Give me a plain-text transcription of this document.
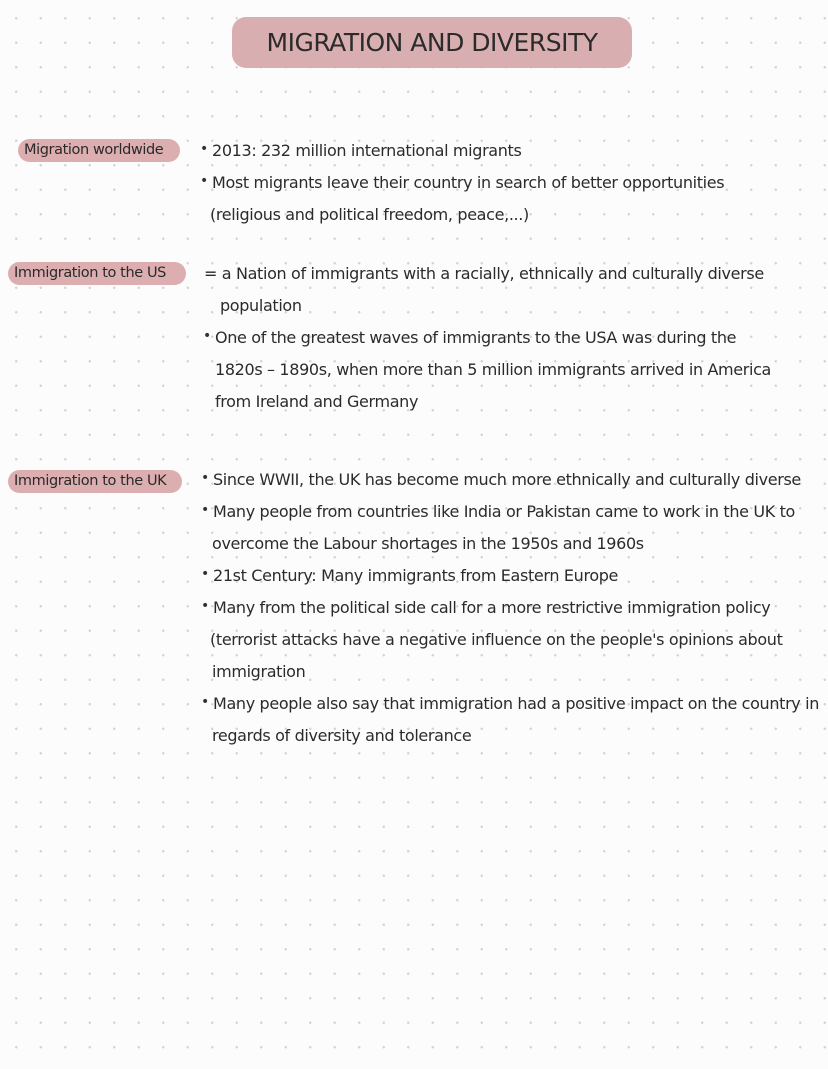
MIGRATION AND DIVERSITY
Migration worldwide	• 2013: 232 million international migrants
• Most migrants leave their country in search of better opportunities
(religious and political freedom, peace,...)
Immigration to the US	= a Nation of immigrants with a racially, ethnically and culturally diverse
population
• One of the greatest waves of immigrants to the USA was during the
1820s – 1890s, when more than 5 million immigrants arrived in America
from Ireland and Germany
Immigration to the UK	• Since WWII, the UK has become much more ethnically and culturally diverse
• Many people from countries like India or Pakistan came to work in the UK to
overcome the Labour shortages in the 1950s and 1960s
• 21st Century: Many immigrants from Eastern Europe
• Many from the political side call for a more restrictive immigration policy
(terrorist attacks have a negative influence on the people's opinions about
immigration
• Many people also say that immigration had a positive impact on the country in
regards of diversity and tolerance
